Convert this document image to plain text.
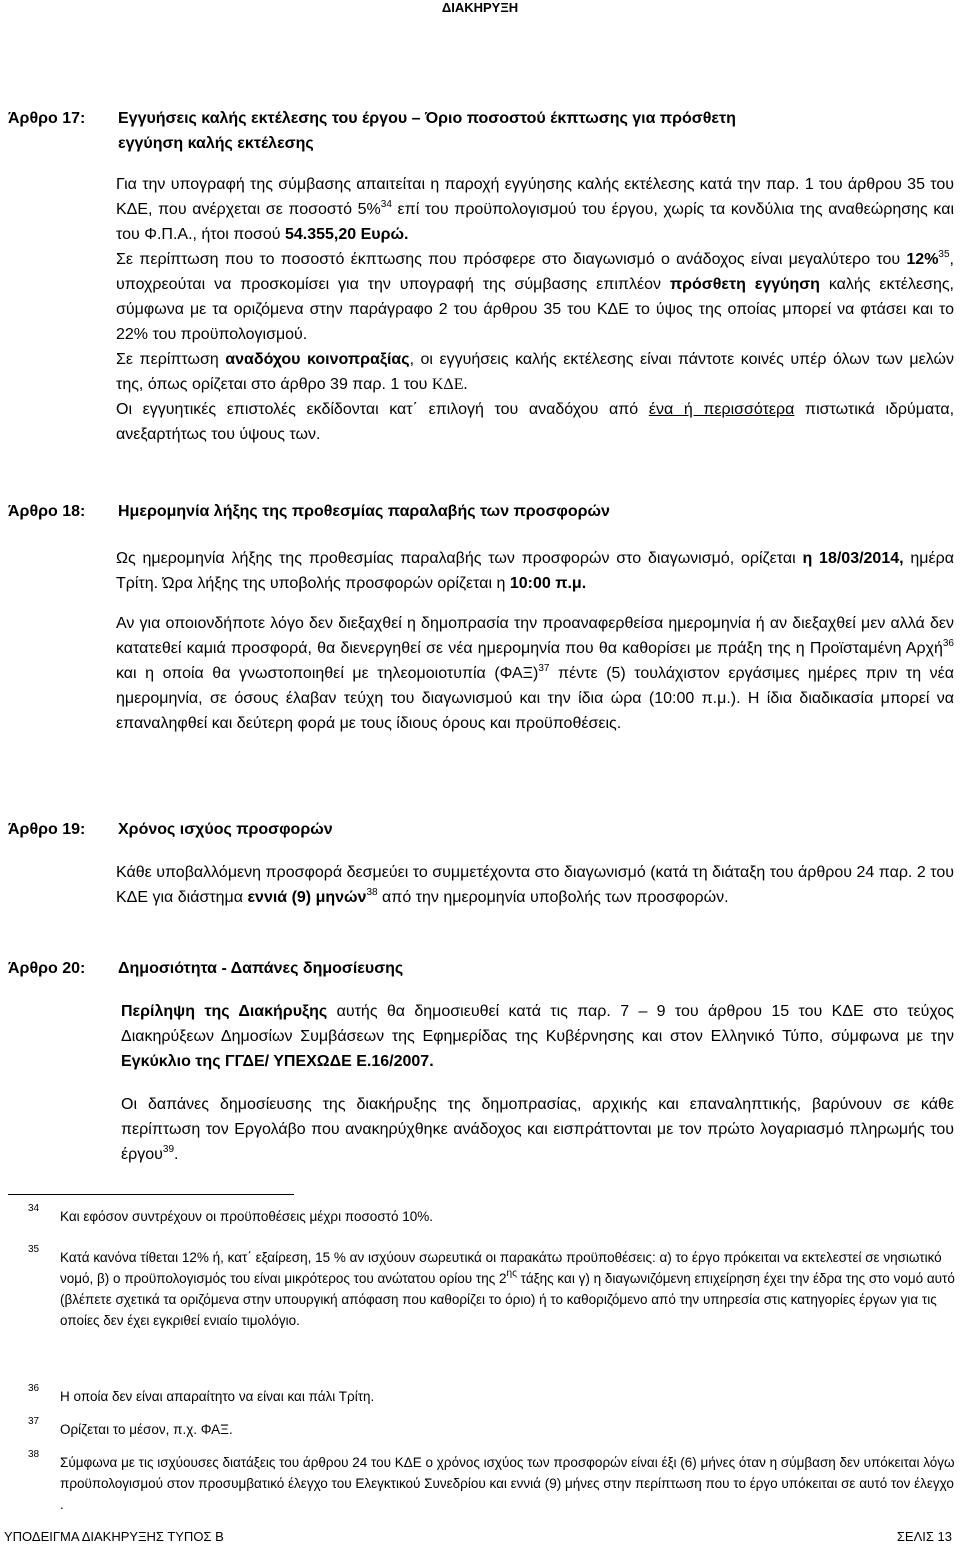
ΔΙΑΚΗΡΥΞΗ
Άρθρο 17: Εγγυήσεις καλής εκτέλεσης του έργου – Όριο ποσοστού έκπτωσης για πρόσθετη
εγγύηση καλής εκτέλεσης

Για την υπογραφή της σύμβασης απαιτείται η παροχή εγγύησης καλής εκτέλεσης κατά την παρ. 1 του άρθρου 35 του ΚΔΕ, που ανέρχεται σε ποσοστό 5%$^{34}$ επί του προϋπολογισμού του έργου, χωρίς τα κονδύλια της αναθεώρησης και του Φ.Π.Α., ήτοι ποσού 54.355,20 Ευρώ.

Σε περίπτωση που το ποσοστό έκπτωσης που πρόσφερε στο διαγωνισμό ο ανάδοχος είναι μεγαλύτερο του 12%$^{35}$, υποχρεούται να προσκομίσει για την υπογραφή της σύμβασης επιπλέον πρόσθετη εγγύηση καλής εκτέλεσης, σύμφωνα με τα οριζόμενα στην παράγραφο 2 του άρθρου 35 του ΚΔΕ το ύψος της οποίας μπορεί να φτάσει και το 22% του προϋπολογισμού.

Σε περίπτωση αναδόχου κοινοπραξίας, οι εγγυήσεις καλής εκτέλεσης είναι πάντοτε κοινές υπέρ όλων των μελών της, όπως ορίζεται στο άρθρο 39 παρ. 1 του ΚΔΕ.

Οι εγγυητικές επιστολές εκδίδονται κατ΄ επιλογή του αναδόχου από ένα ή περισσότερα πιστωτικά ιδρύματα, ανεξαρτήτως του ύψους των.

Άρθρο 18: Ημερομηνία λήξης της προθεσμίας παραλαβής των προσφορών

Ως ημερομηνία λήξης της προθεσμίας παραλαβής των προσφορών στο διαγωνισμό, ορίζεται η 18/03/2014, ημέρα Τρίτη. Ώρα λήξης της υποβολής προσφορών ορίζεται η 10:00 π.μ.

Αν για οποιονδήποτε λόγο δεν διεξαχθεί η δημοπρασία την προαναφερθείσα ημερομηνία ή αν διεξαχθεί μεν αλλά δεν κατατεθεί καμιά προσφορά, θα διενεργηθεί σε νέα ημερομηνία που θα καθορίσει με πράξη της η Προϊσταμένη Αρχή$^{36}$ και η οποία θα γνωστοποιηθεί με τηλεομοιοτυπία $(\Phi A\Xi)^{37}$ πέντε (5) τουλάχιστον εργάσιμες ημέρες πριν τη νέα ημερομηνία, σε όσους έλαβαν τεύχη του διαγωνισμού και την ίδια ώρα (10:00 π.μ.). Η ίδια διαδικασία μπορεί να επαναληφθεί και δεύτερη φορά με τους ίδιους όρους και προϋποθέσεις.

Άρθρο 19: Χρόνος ισχύος προσφορών

Κάθε υποβαλλόμενη προσφορά δεσμεύει το συμμετέχοντα στο διαγωνισμό (κατά τη διάταξη του άρθρου 24 παρ. 2 του ΚΔΕ για διάστημα εννιά (9) μηνών$^{38}$ από την ημερομηνία υποβολής των προσφορών.

Άρθρο 20: Δημοσιότητα - Δαπάνες δημοσίευσης

Περίληψη της Διακήρυξης αυτής θα δημοσιευθεί κατά τις παρ. 7 – 9 του άρθρου 15 του ΚΔΕ στο τεύχος Διακηρύξεων Δημοσίων Συμβάσεων της Εφημερίδας της Κυβέρνησης και στον Ελληνικό Τύπο, σύμφωνα με την Εγκύκλιο της ΓΓΔΕ/ ΥΠΕΧΩΔΕ Ε.16/2007.

Οι δαπάνες δημοσίευσης της διακήρυξης της δημοπρασίας, αρχικής και επαναληπτικής, βαρύνουν σε κάθε περίπτωση τον Εργολάβο που ανακηρύχθηκε ανάδοχος και εισπράττονται με τον πρώτο λογαριασμό πληρωμής του έργου$^{39}$.

34
Και εφόσον συντρέχουν οι προϋποθέσεις μέχρι ποσοστό 10%.
35
Κατά κανόνα τίθεται 12% ή, κατ΄ εξαίρεση, 15 % αν ισχύουν σωρευτικά οι παρακάτω προϋποθέσεις: α) το έργο πρόκειται να εκτελεστεί σε νησιωτικό νομό, β) ο προϋπολογισμός του είναι μικρότερος του ανώτατου ορίου της $2^{\eta\varsigma}$ τάξης και γ) η διαγωνιζόμενη επιχείρηση έχει την έδρα της στο νομό αυτό (βλέπετε σχετικά τα οριζόμενα στην υπουργική απόφαση που καθορίζει το όριο) ή το καθοριζόμενο από την υπηρεσία στις κατηγορίες έργων για τις οποίες δεν έχει εγκριθεί ενιαίο τιμολόγιο.
36
Η οποία δεν είναι απαραίτητο να είναι και πάλι Τρίτη.
37
Ορίζεται το μέσον, π.χ. ΦΑΞ.
38
Σύμφωνα με τις ισχύουσες διατάξεις του άρθρου 24 του ΚΔΕ ο χρόνος ισχύος των προσφορών είναι έξι (6) μήνες όταν η σύμβαση δεν υπόκειται λόγω προϋπολογισμού στον προσυμβατικό έλεγχο του Ελεγκτικού Συνεδρίου και εννιά (9) μήνες στην περίπτωση που το έργο υπόκειται σε αυτό τον έλεγχο .
ΥΠΟΔΕΙΓΜΑ ΔΙΑΚΗΡΥΞΗΣ ΤΥΠΟΣ Β	ΣΕΛΙΣ 13
